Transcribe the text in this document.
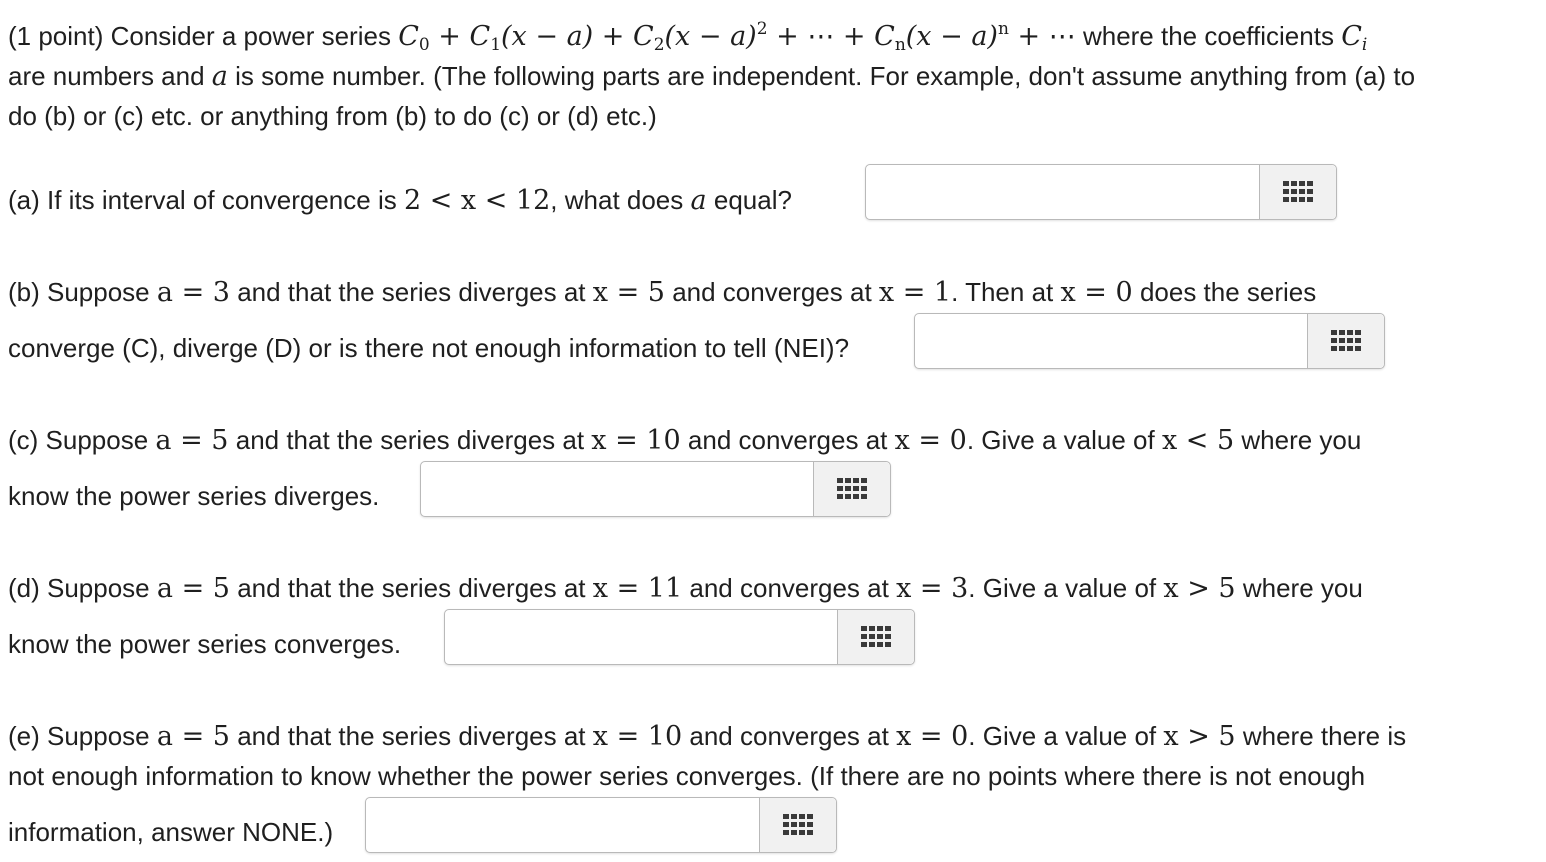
(1 point) Consider a power series $C_0 + C_1(x - a) + C_2(x - a)^2$ + ⋯ + $C_n(x - a)^n$ + ⋯ where the coefficients $C_i$
are numbers and a is some number. (The following parts are independent. For example, don't assume anything from (a) to
do (b) or (c) etc. or anything from (b) to do (c) or (d) etc.)
(a) If its interval of convergence is 2 < x < 12, what does a equal?
(b) Suppose a = 3 and that the series diverges at x = 5 and converges at x = 1. Then at x = 0 does the series
converge (C), diverge (D) or is there not enough information to tell (NEI)?
(c) Suppose a = 5 and that the series diverges at x = 10 and converges at x = 0. Give a value of x < 5 where you
know the power series diverges.
(d) Suppose a = 5 and that the series diverges at x = 11 and converges at x = 3. Give a value of x > 5 where you
know the power series converges.
(e) Suppose a = 5 and that the series diverges at x = 10 and converges at x = 0. Give a value of x > 5 where there is
not enough information to know whether the power series converges. (If there are no points where there is not enough
information, answer NONE.)
